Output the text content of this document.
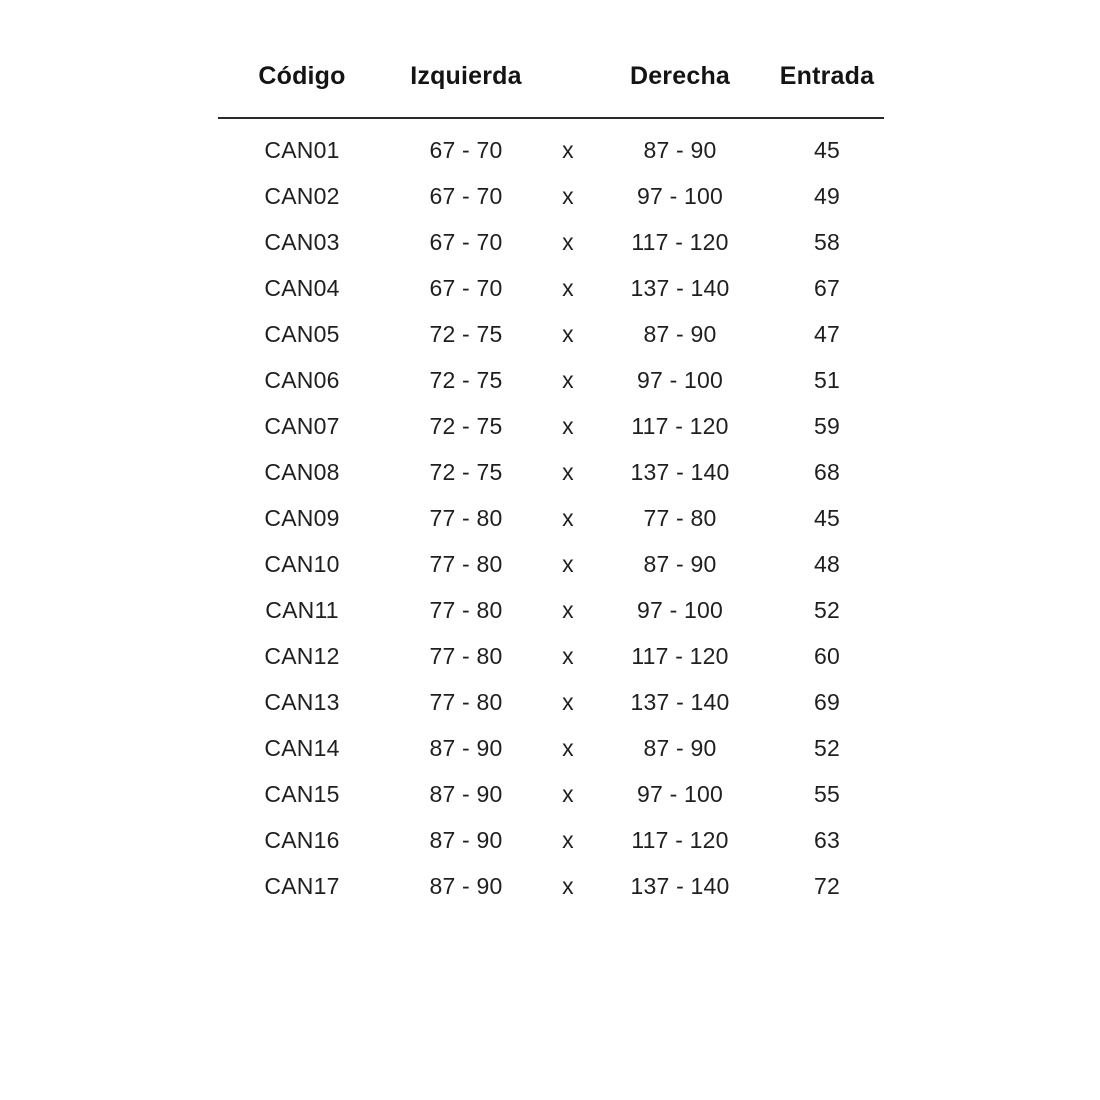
Código	Izquierda		Derecha	Entrada
CAN01	67 - 70	x	87 - 90	45
CAN02	67 - 70	x	97 - 100	49
CAN03	67 - 70	x	117 - 120	58
CAN04	67 - 70	x	137 - 140	67
CAN05	72 - 75	x	87 - 90	47
CAN06	72 - 75	x	97 - 100	51
CAN07	72 - 75	x	117 - 120	59
CAN08	72 - 75	x	137 - 140	68
CAN09	77 - 80	x	77 - 80	45
CAN10	77 - 80	x	87 - 90	48
CAN11	77 - 80	x	97 - 100	52
CAN12	77 - 80	x	117 - 120	60
CAN13	77 - 80	x	137 - 140	69
CAN14	87 - 90	x	87 - 90	52
CAN15	87 - 90	x	97 - 100	55
CAN16	87 - 90	x	117 - 120	63
CAN17	87 - 90	x	137 - 140	72
